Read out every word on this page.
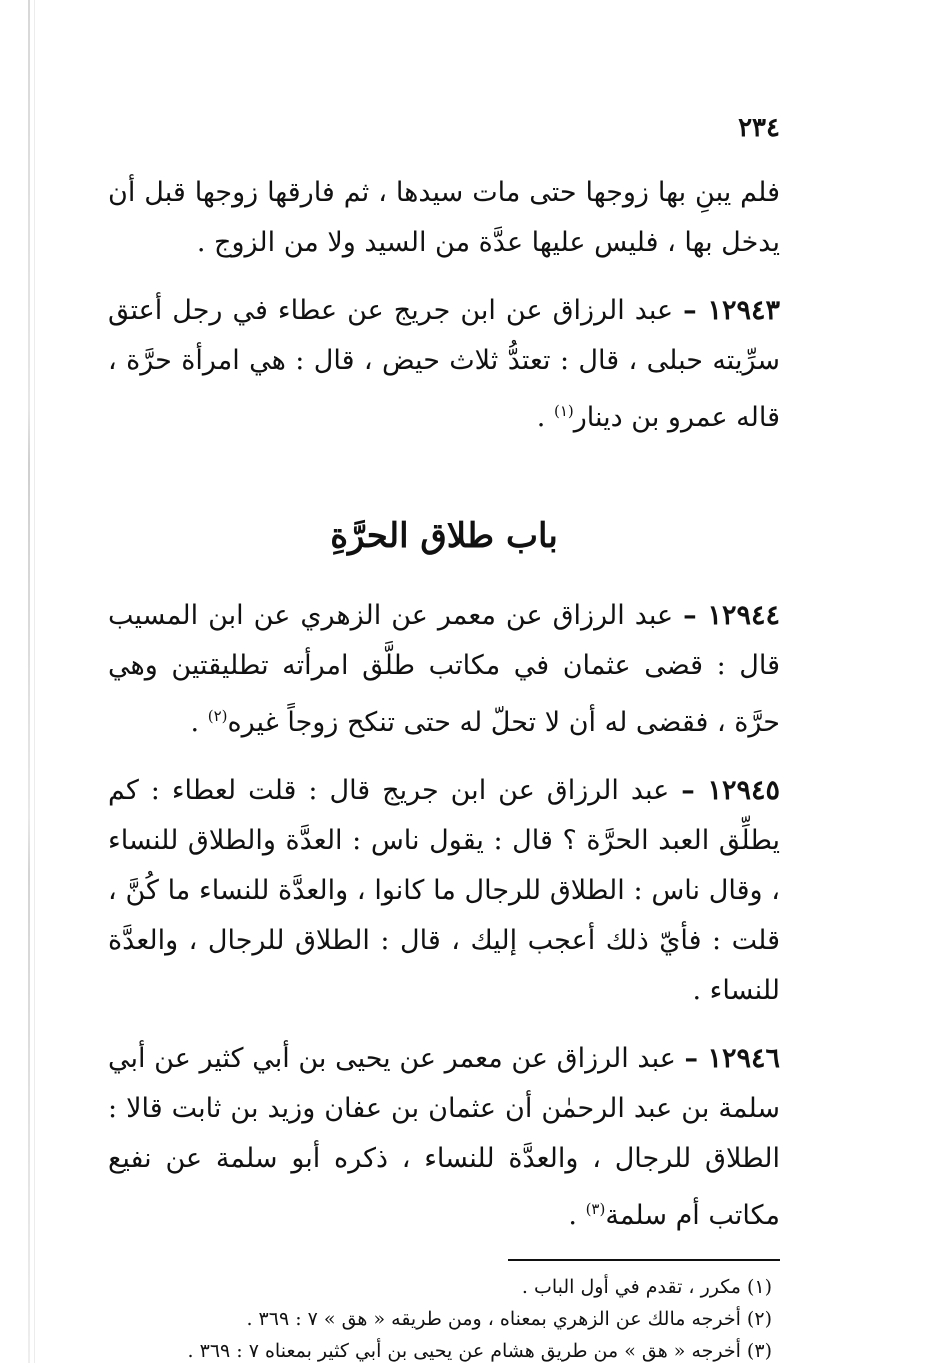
٢٣٤

فلم يبنِ بها زوجها حتى مات سيدها ، ثم فارقها زوجها قبل أن يدخل بها ، فليس عليها عدَّة من السيد ولا من الزوج .

١٢٩٤٣ – عبد الرزاق عن ابن جريج عن عطاء في رجل أعتق سرِّيته حبلى ، قال : تعتدُّ ثلاث حيض ، قال : هي امرأة حرَّة ، قاله عمرو بن دينار$^{(١)}$ .

باب طلاق الحرَّةِ

١٢٩٤٤ – عبد الرزاق عن معمر عن الزهري عن ابن المسيب قال : قضى عثمان في مكاتب طلَّق امرأته تطليقتين وهي حرَّة ، فقضى له أن لا تحلّ له حتى تنكح زوجاً غيره$^{(٢)}$ .

١٢٩٤٥ – عبد الرزاق عن ابن جريج قال : قلت لعطاء : كم يطلِّق العبد الحرَّة ؟ قال : يقول ناس : العدَّة والطلاق للنساء ، وقال ناس : الطلاق للرجال ما كانوا ، والعدَّة للنساء ما كُنَّ ، قلت : فأيّ ذلك أعجب إليك ، قال : الطلاق للرجال ، والعدَّة للنساء .

١٢٩٤٦ – عبد الرزاق عن معمر عن يحيى بن أبي كثير عن أبي سلمة بن عبد الرحمٰن أن عثمان بن عفان وزيد بن ثابت قالا : الطلاق للرجال ، والعدَّة للنساء ، ذكره أبو سلمة عن نفيع مكاتب أم سلمة$^{(٣)}$ .

(١) مكرر ، تقدم في أول الباب .

(٢) أخرجه مالك عن الزهري بمعناه ، ومن طريقه « هق » ٧ : ٣٦٩ .

(٣) أخرجه « هق » من طريق هشام عن يحيى بن أبي كثير بمعناه ٧ : ٣٦٩ .
